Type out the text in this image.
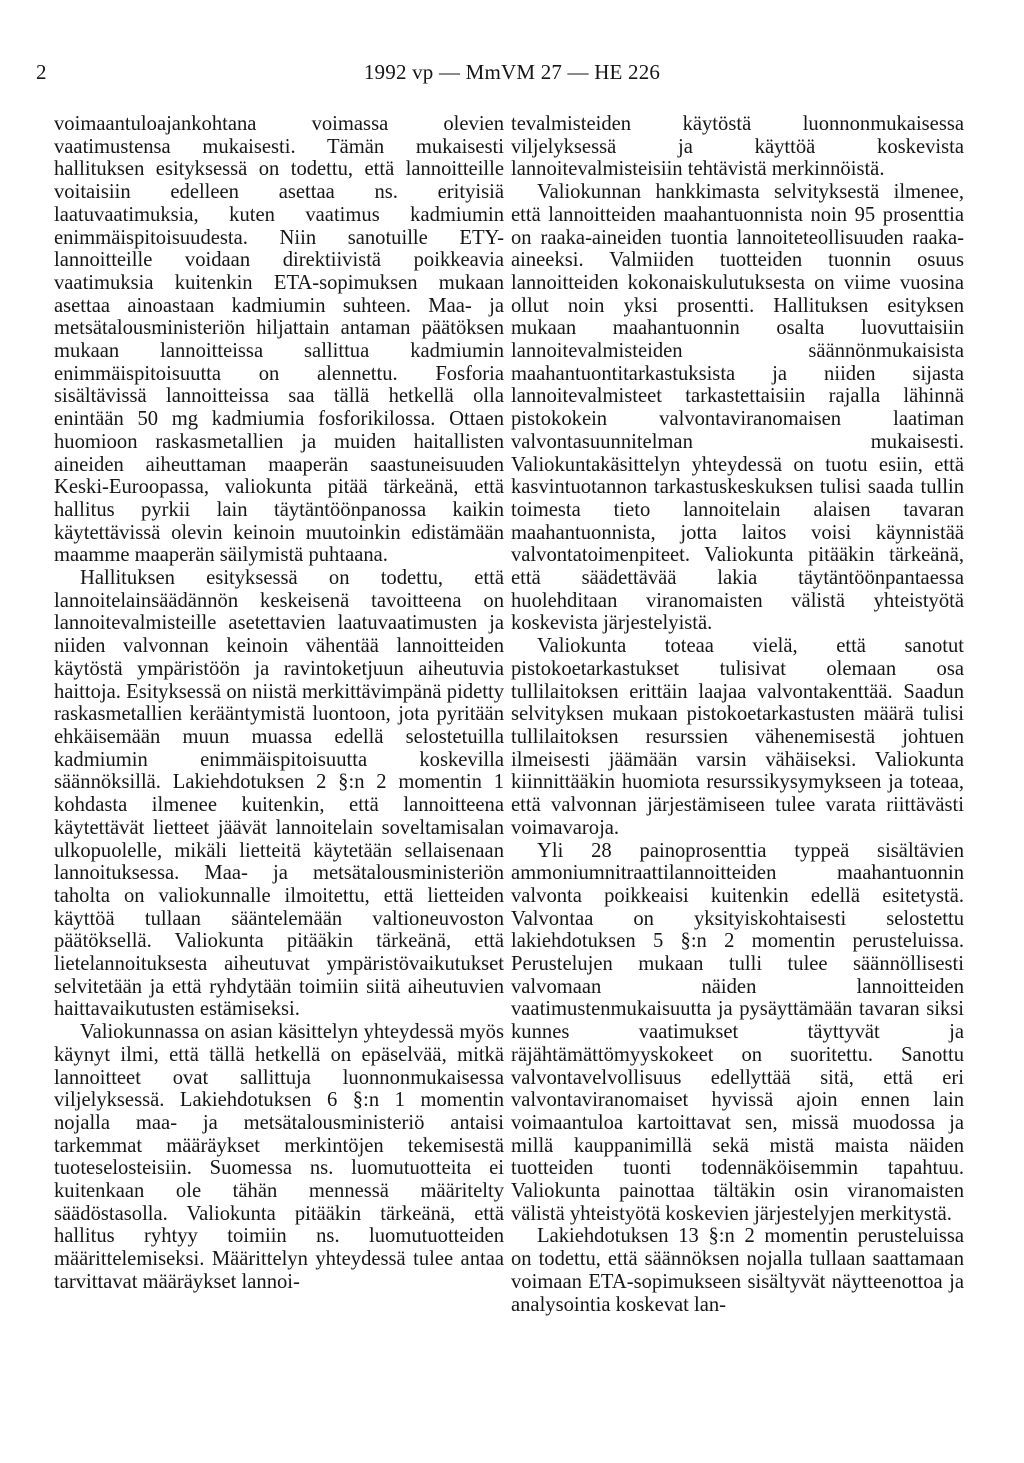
2	1992 vp — MmVM 27 — HE 226

voimaantuloajankohtana voimassa olevien vaatimustensa mukaisesti. Tämän mukaisesti hallituksen esityksessä on todettu, että lannoitteille voitaisiin edelleen asettaa ns. erityisiä laatuvaatimuksia, kuten vaatimus kadmiumin enimmäispitoisuudesta. Niin sanotuille ETY-lannoitteille voidaan direktiivistä poikkeavia vaatimuksia kuitenkin ETA-sopimuksen mukaan asettaa ainoastaan kadmiumin suhteen. Maa- ja metsätalousministeriön hiljattain antaman päätöksen mukaan lannoitteissa sallittua kadmiumin enimmäispitoisuutta on alennettu. Fosforia sisältävissä lannoitteissa saa tällä hetkellä olla enintään 50 mg kadmiumia fosforikilossa. Ottaen huomioon raskasmetallien ja muiden haitallisten aineiden aiheuttaman maaperän saastuneisuuden Keski-Euroopassa, valiokunta pitää tärkeänä, että hallitus pyrkii lain täytäntöönpanossa kaikin käytettävissä olevin keinoin muutoinkin edistämään maamme maaperän säilymistä puhtaana.

Hallituksen esityksessä on todettu, että lannoitelainsäädännön keskeisenä tavoitteena on lannoitevalmisteille asetettavien laatuvaatimusten ja niiden valvonnan keinoin vähentää lannoitteiden käytöstä ympäristöön ja ravintoketjuun aiheutuvia haittoja. Esityksessä on niistä merkittävimpänä pidetty raskasmetallien kerääntymistä luontoon, jota pyritään ehkäisemään muun muassa edellä selostetuilla kadmiumin enimmäispitoisuutta koskevilla säännöksillä. Lakiehdotuksen 2 §:n 2 momentin 1 kohdasta ilmenee kuitenkin, että lannoitteena käytettävät lietteet jäävät lannoitelain soveltamisalan ulkopuolelle, mikäli lietteitä käytetään sellaisenaan lannoituksessa. Maa- ja metsätalousministeriön taholta on valiokunnalle ilmoitettu, että lietteiden käyttöä tullaan sääntelemään valtioneuvoston päätöksellä. Valiokunta pitääkin tärkeänä, että lietelannoituksesta aiheutuvat ympäristövaikutukset selvitetään ja että ryhdytään toimiin siitä aiheutuvien haittavaikutusten estämiseksi.

Valiokunnassa on asian käsittelyn yhteydessä myös käynyt ilmi, että tällä hetkellä on epäselvää, mitkä lannoitteet ovat sallittuja luonnonmukaisessa viljelyksessä. Lakiehdotuksen 6 §:n 1 momentin nojalla maa- ja metsätalousministeriö antaisi tarkemmat määräykset merkintöjen tekemisestä tuoteselosteisiin. Suomessa ns. luomutuotteita ei kuitenkaan ole tähän mennessä määritelty säädöstasolla. Valiokunta pitääkin tärkeänä, että hallitus ryhtyy toimiin ns. luomutuotteiden määrittelemiseksi. Määrittelyn yhteydessä tulee antaa tarvittavat määräykset lannoi-

tevalmisteiden käytöstä luonnonmukaisessa viljelyksessä ja käyttöä koskevista lannoitevalmisteisiin tehtävistä merkinnöistä.

Valiokunnan hankkimasta selvityksestä ilmenee, että lannoitteiden maahantuonnista noin 95 prosenttia on raaka-aineiden tuontia lannoiteteollisuuden raaka-aineeksi. Valmiiden tuotteiden tuonnin osuus lannoitteiden kokonaiskulutuksesta on viime vuosina ollut noin yksi prosentti. Hallituksen esityksen mukaan maahantuonnin osalta luovuttaisiin lannoitevalmisteiden säännönmukaisista maahantuontitarkastuksista ja niiden sijasta lannoitevalmisteet tarkastettaisiin rajalla lähinnä pistokokein valvontaviranomaisen laatiman valvontasuunnitelman mukaisesti. Valiokuntakäsittelyn yhteydessä on tuotu esiin, että kasvintuotannon tarkastuskeskuksen tulisi saada tullin toimesta tieto lannoitelain alaisen tavaran maahantuonnista, jotta laitos voisi käynnistää valvontatoimenpiteet. Valiokunta pitääkin tärkeänä, että säädettävää lakia täytäntöönpantaessa huolehditaan viranomaisten välistä yhteistyötä koskevista järjestelyistä.

Valiokunta toteaa vielä, että sanotut pistokoetarkastukset tulisivat olemaan osa tullilaitoksen erittäin laajaa valvontakenttää. Saadun selvityksen mukaan pistokoetarkastusten määrä tulisi tullilaitoksen resurssien vähenemisestä johtuen ilmeisesti jäämään varsin vähäiseksi. Valiokunta kiinnittääkin huomiota resurssikysymykseen ja toteaa, että valvonnan järjestämiseen tulee varata riittävästi voimavaroja.

Yli 28 painoprosenttia typpeä sisältävien ammoniumnitraattilannoitteiden maahantuonnin valvonta poikkeaisi kuitenkin edellä esitetystä. Valvontaa on yksityiskohtaisesti selostettu lakiehdotuksen 5 §:n 2 momentin perusteluissa. Perustelujen mukaan tulli tulee säännöllisesti valvomaan näiden lannoitteiden vaatimustenmukaisuutta ja pysäyttämään tavaran siksi kunnes vaatimukset täyttyvät ja räjähtämättömyyskokeet on suoritettu. Sanottu valvontavelvollisuus edellyttää sitä, että eri valvontaviranomaiset hyvissä ajoin ennen lain voimaantuloa kartoittavat sen, missä muodossa ja millä kauppanimillä sekä mistä maista näiden tuotteiden tuonti todennäköisemmin tapahtuu. Valiokunta painottaa tältäkin osin viranomaisten välistä yhteistyötä koskevien järjestelyjen merkitystä.

Lakiehdotuksen 13 §:n 2 momentin perusteluissa on todettu, että säännöksen nojalla tullaan saattamaan voimaan ETA-sopimukseen sisältyvät näytteenottoa ja analysointia koskevat lan-
